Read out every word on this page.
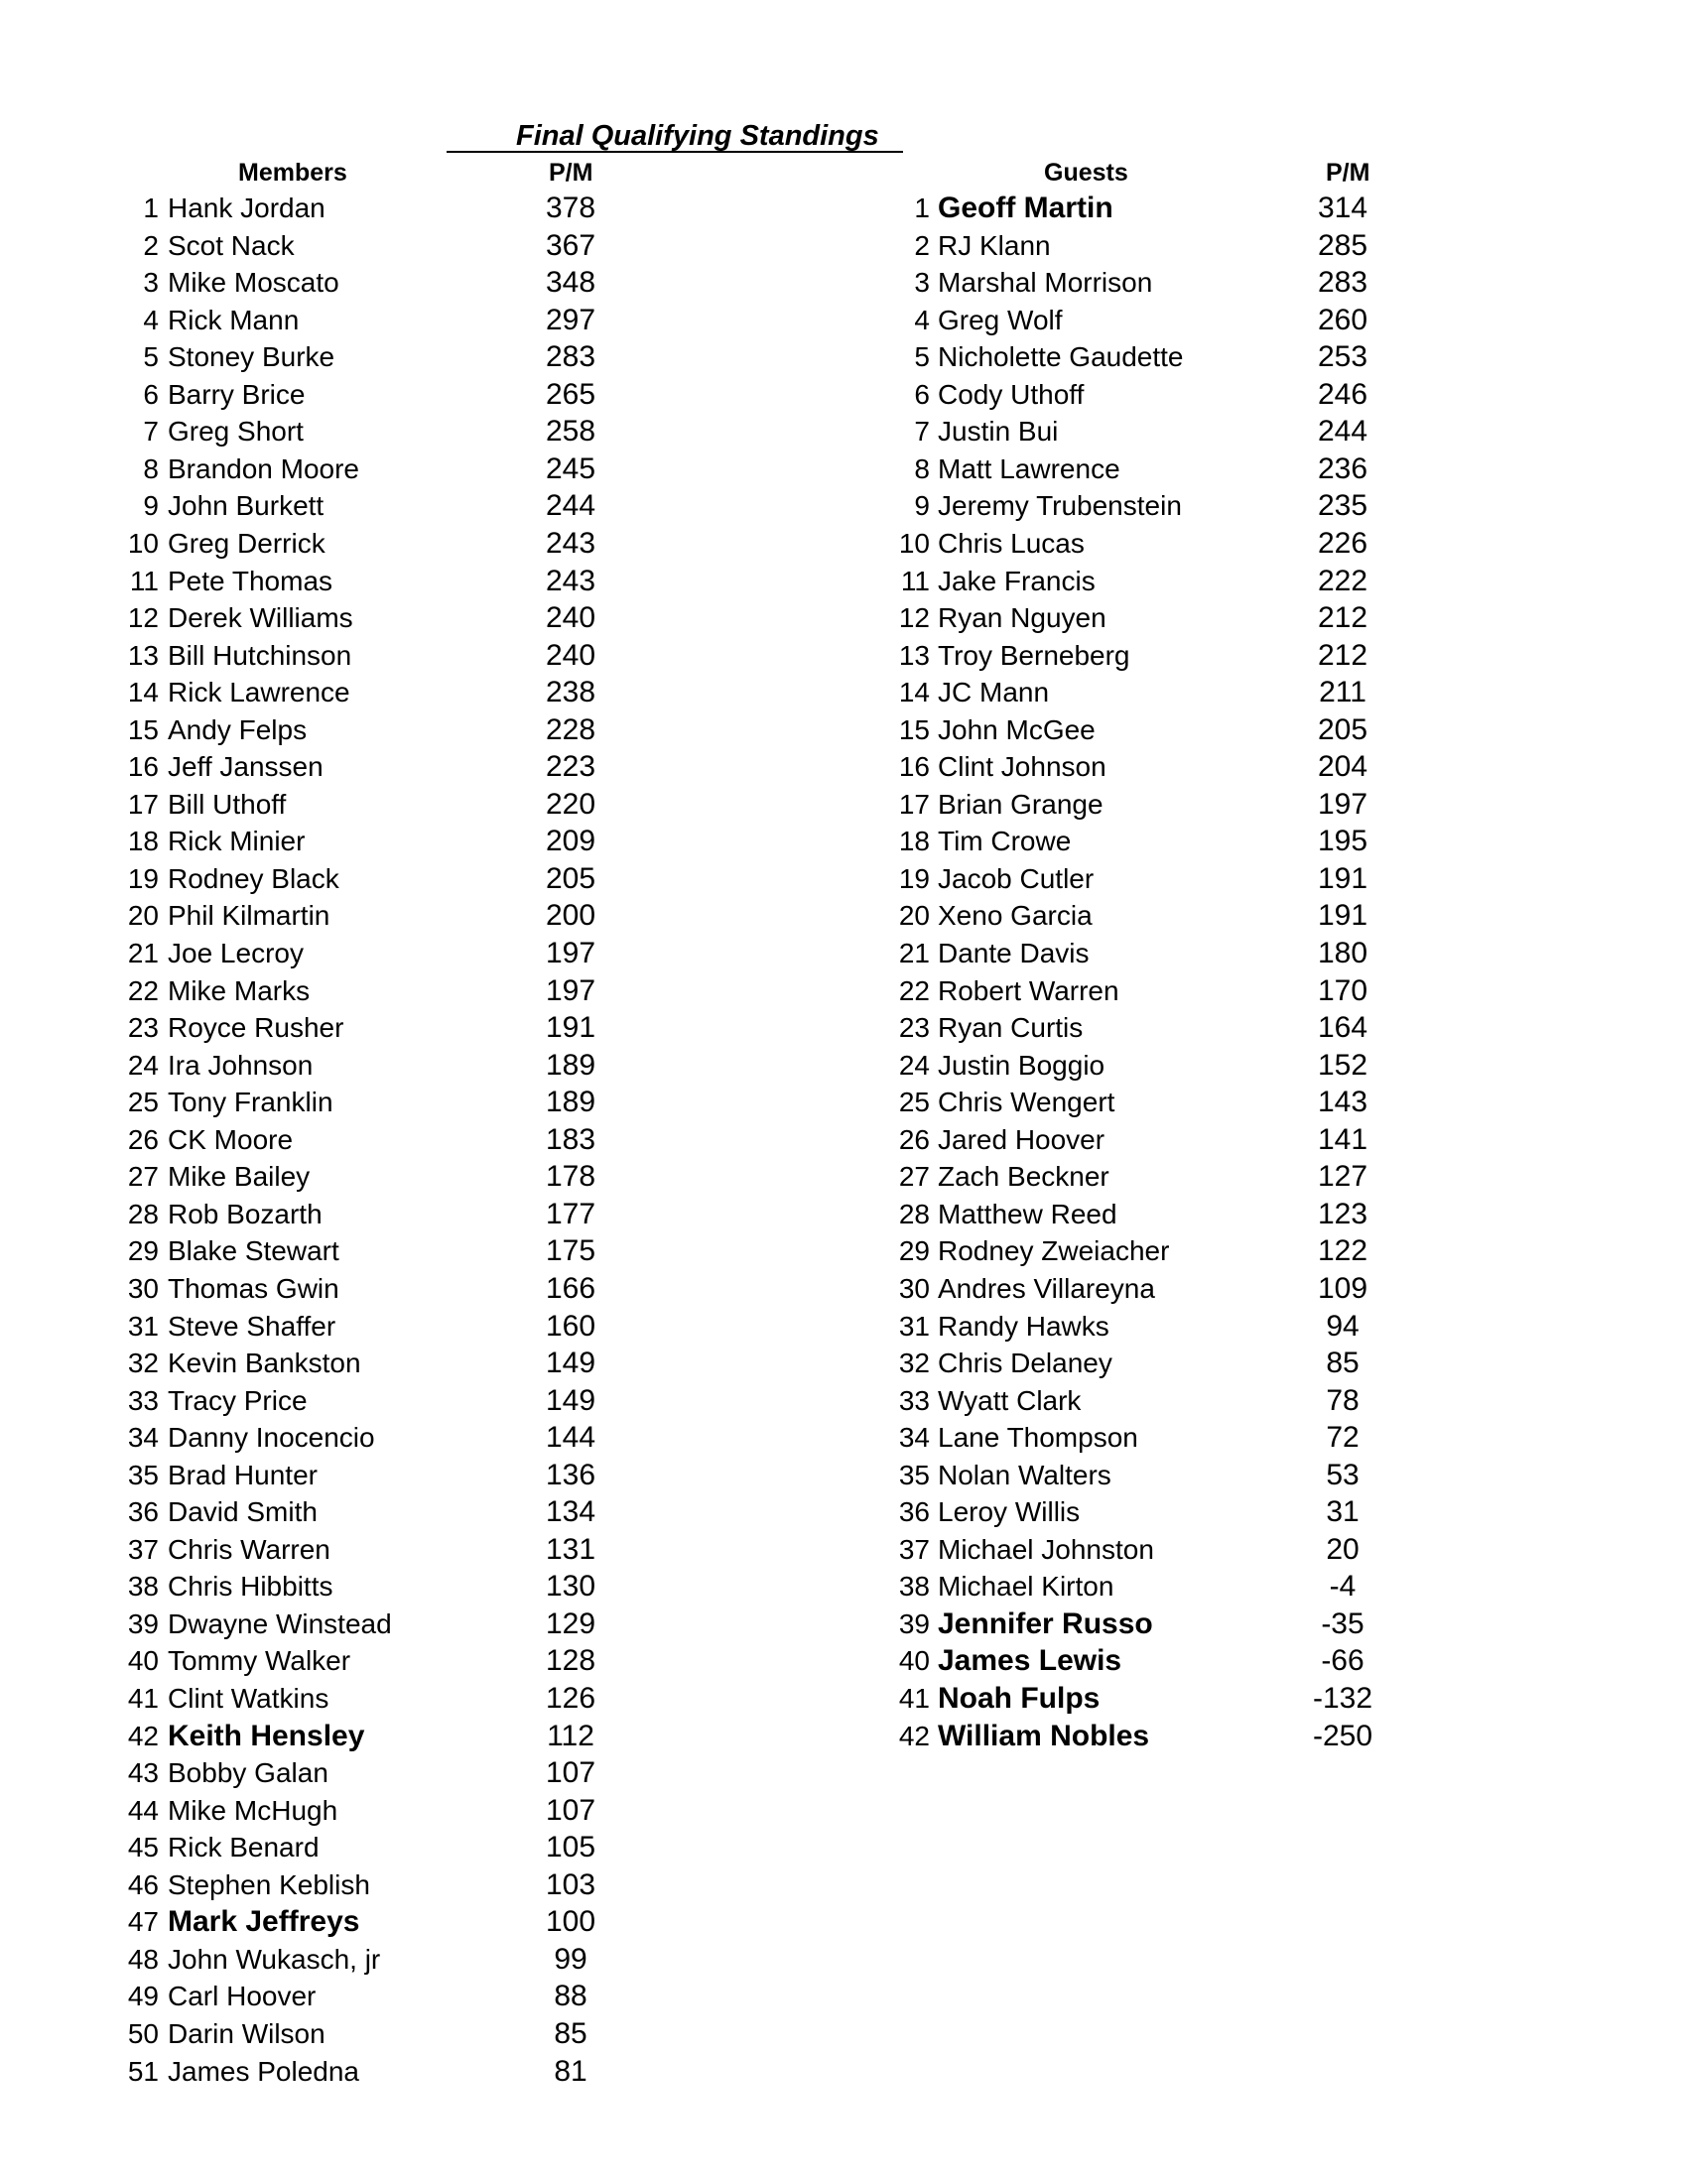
Final Qualifying Standings
Members	P/M	Guests	P/M
1 Hank Jordan	378
2 Scot Nack	367
3 Mike Moscato	348
4 Rick Mann	297
5 Stoney Burke	283
6 Barry Brice	265
7 Greg Short	258
8 Brandon Moore	245
9 John Burkett	244
10 Greg Derrick	243
11 Pete Thomas	243
12 Derek Williams	240
13 Bill Hutchinson	240
14 Rick Lawrence	238
15 Andy Felps	228
16 Jeff Janssen	223
17 Bill Uthoff	220
18 Rick Minier	209
19 Rodney Black	205
20 Phil Kilmartin	200
21 Joe Lecroy	197
22 Mike Marks	197
23 Royce Rusher	191
24 Ira Johnson	189
25 Tony Franklin	189
26 CK Moore	183
27 Mike Bailey	178
28 Rob Bozarth	177
29 Blake Stewart	175
30 Thomas Gwin	166
31 Steve Shaffer	160
32 Kevin Bankston	149
33 Tracy Price	149
34 Danny Inocencio	144
35 Brad Hunter	136
36 David Smith	134
37 Chris Warren	131
38 Chris Hibbitts	130
39 Dwayne Winstead	129
40 Tommy Walker	128
41 Clint Watkins	126
42 Keith Hensley	112
43 Bobby Galan	107
44 Mike McHugh	107
45 Rick Benard	105
46 Stephen Keblish	103
47 Mark Jeffreys	100
48 John Wukasch, jr	99
49 Carl Hoover	88
50 Darin Wilson	85
51 James Poledna	81
1 Geoff Martin	314
2 RJ Klann	285
3 Marshal Morrison	283
4 Greg Wolf	260
5 Nicholette Gaudette	253
6 Cody Uthoff	246
7 Justin Bui	244
8 Matt Lawrence	236
9 Jeremy Trubenstein	235
10 Chris Lucas	226
11 Jake Francis	222
12 Ryan Nguyen	212
13 Troy Berneberg	212
14 JC Mann	211
15 John McGee	205
16 Clint Johnson	204
17 Brian Grange	197
18 Tim Crowe	195
19 Jacob Cutler	191
20 Xeno Garcia	191
21 Dante Davis	180
22 Robert Warren	170
23 Ryan Curtis	164
24 Justin Boggio	152
25 Chris Wengert	143
26 Jared Hoover	141
27 Zach Beckner	127
28 Matthew Reed	123
29 Rodney Zweiacher	122
30 Andres Villareyna	109
31 Randy Hawks	94
32 Chris Delaney	85
33 Wyatt Clark	78
34 Lane Thompson	72
35 Nolan Walters	53
36 Leroy Willis	31
37 Michael Johnston	20
38 Michael Kirton	-4
39 Jennifer Russo	-35
40 James Lewis	-66
41 Noah Fulps	-132
42 William Nobles	-250
